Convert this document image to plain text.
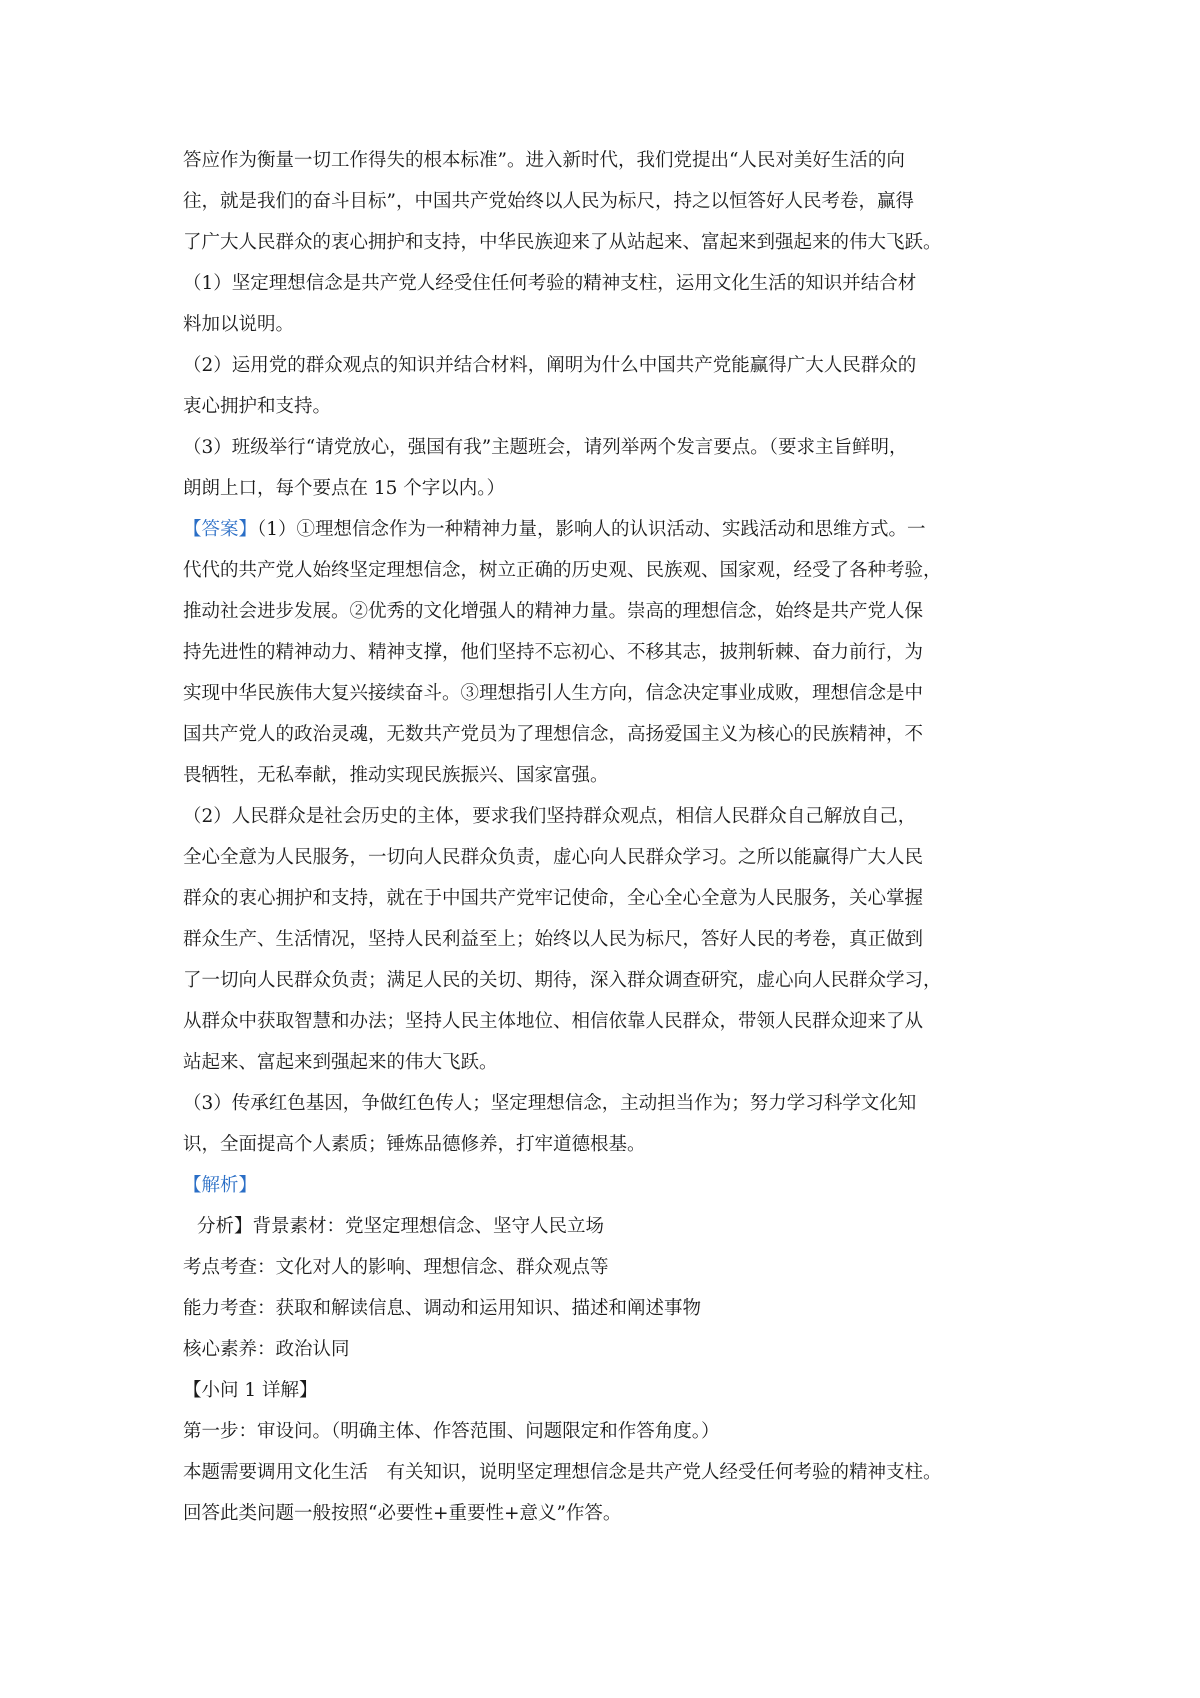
答应作为衡量一切工作得失的根本标准”。进入新时代，我们党提出“人民对美好生活的向
往，就是我们的奋斗目标”，中国共产党始终以人民为标尺，持之以恒答好人民考卷，赢得
了广大人民群众的衷心拥护和支持，中华民族迎来了从站起来、富起来到强起来的伟大飞跃。
（1）坚定理想信念是共产党人经受住任何考验的精神支柱，运用文化生活的知识并结合材
料加以说明。
（2）运用党的群众观点的知识并结合材料，阐明为什么中国共产党能赢得广大人民群众的
衷心拥护和支持。
（3）班级举行“请党放心，强国有我”主题班会，请列举两个发言要点。（要求主旨鲜明，
朗朗上口，每个要点在 15 个字以内。）
【答案】（1）①理想信念作为一种精神力量，影响人的认识活动、实践活动和思维方式。一
代代的共产党人始终坚定理想信念，树立正确的历史观、民族观、国家观，经受了各种考验，
推动社会进步发展。②优秀的文化增强人的精神力量。崇高的理想信念，始终是共产党人保
持先进性的精神动力、精神支撑，他们坚持不忘初心、不移其志，披荆斩棘、奋力前行，为
实现中华民族伟大复兴接续奋斗。③理想指引人生方向，信念决定事业成败，理想信念是中
国共产党人的政治灵魂，无数共产党员为了理想信念，高扬爱国主义为核心的民族精神，不
畏牺牲，无私奉献，推动实现民族振兴、国家富强。
（2）人民群众是社会历史的主体，要求我们坚持群众观点，相信人民群众自己解放自己，
全心全意为人民服务，一切向人民群众负责，虚心向人民群众学习。之所以能赢得广大人民
群众的衷心拥护和支持，就在于中国共产党牢记使命，全心全心全意为人民服务，关心掌握
群众生产、生活情况，坚持人民利益至上；始终以人民为标尺，答好人民的考卷，真正做到
了一切向人民群众负责；满足人民的关切、期待，深入群众调查研究，虚心向人民群众学习，
从群众中获取智慧和办法；坚持人民主体地位、相信依靠人民群众，带领人民群众迎来了从
站起来、富起来到强起来的伟大飞跃。
（3）传承红色基因，争做红色传人；坚定理想信念，主动担当作为；努力学习科学文化知
识，全面提高个人素质；锤炼品德修养，打牢道德根基。
【解析】
分析】背景素材：党坚定理想信念、坚守人民立场
考点考查：文化对人的影响、理想信念、群众观点等
能力考查：获取和解读信息、调动和运用知识、描述和阐述事物
核心素养：政治认同
【小问 1 详解】
第一步：审设问。（明确主体、作答范围、问题限定和作答角度。）
本题需要调用文化生活　有关知识，说明坚定理想信念是共产党人经受任何考验的精神支柱。
回答此类问题一般按照“必要性+重要性+意义”作答。
